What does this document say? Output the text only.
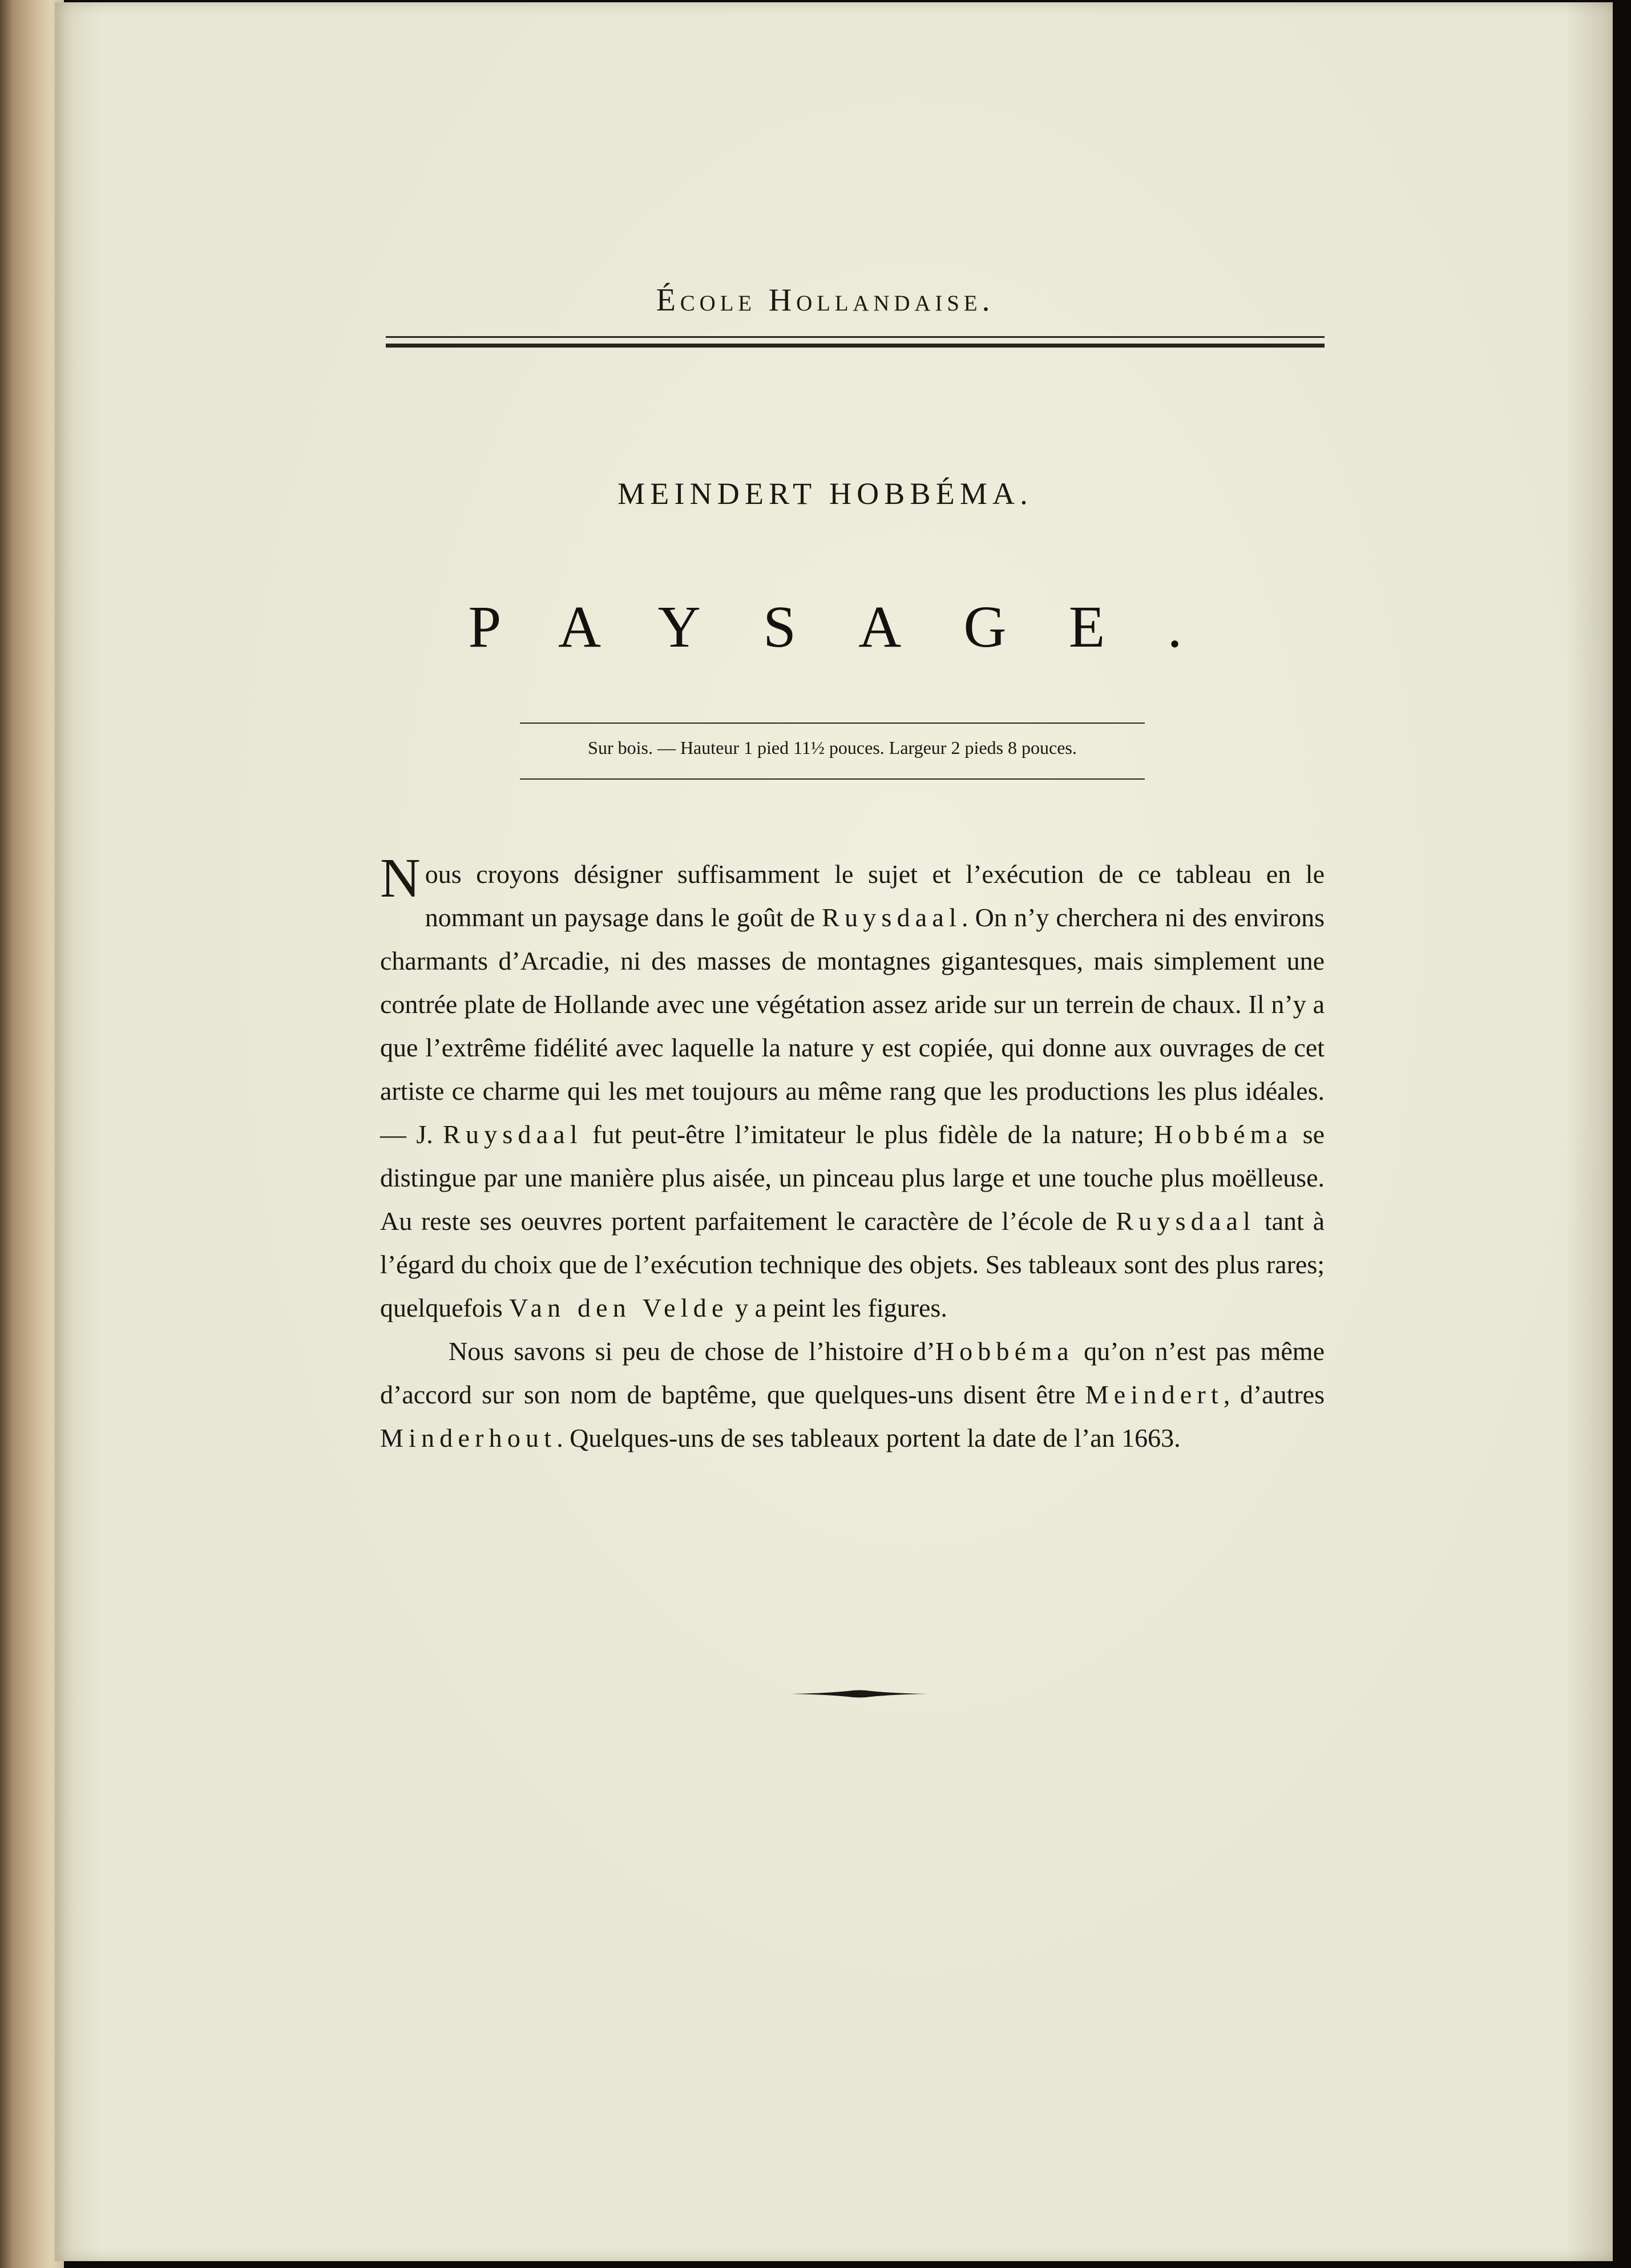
École Hollandaise.
MEINDERT HOBBÉMA.
PAYSAGE.
Sur bois. — Hauteur 1 pied 11½ pouces. Largeur 2 pieds 8 pouces.

Nous croyons désigner suffisamment le sujet et l’exécution de ce tableau en le nommant un paysage dans le goût de Ruysdaal. On n’y cherchera ni des environs charmants d’Arcadie, ni des masses de montagnes gigantesques, mais simplement une contrée plate de Hollande avec une végétation assez aride sur un terrein de chaux. Il n’y a que l’extrême fidélité avec laquelle la nature y est copiée, qui donne aux ouvrages de cet artiste ce charme qui les met toujours au même rang que les productions les plus idéales. — J. Ruysdaal fut peut-être l’imitateur le plus fidèle de la nature; Hobbéma se distingue par une manière plus aisée, un pinceau plus large et une touche plus moëlleuse. Au reste ses oeuvres portent parfaitement le caractère de l’école de Ruysdaal tant à l’égard du choix que de l’exécution technique des objets. Ses tableaux sont des plus rares; quelquefois Van den Velde y a peint les figures.

Nous savons si peu de chose de l’histoire d’Hobbéma qu’on n’est pas même d’accord sur son nom de baptême, que quelques-uns disent être Meindert, d’autres Minderhout. Quelques-uns de ses tableaux portent la date de l’an 1663.
